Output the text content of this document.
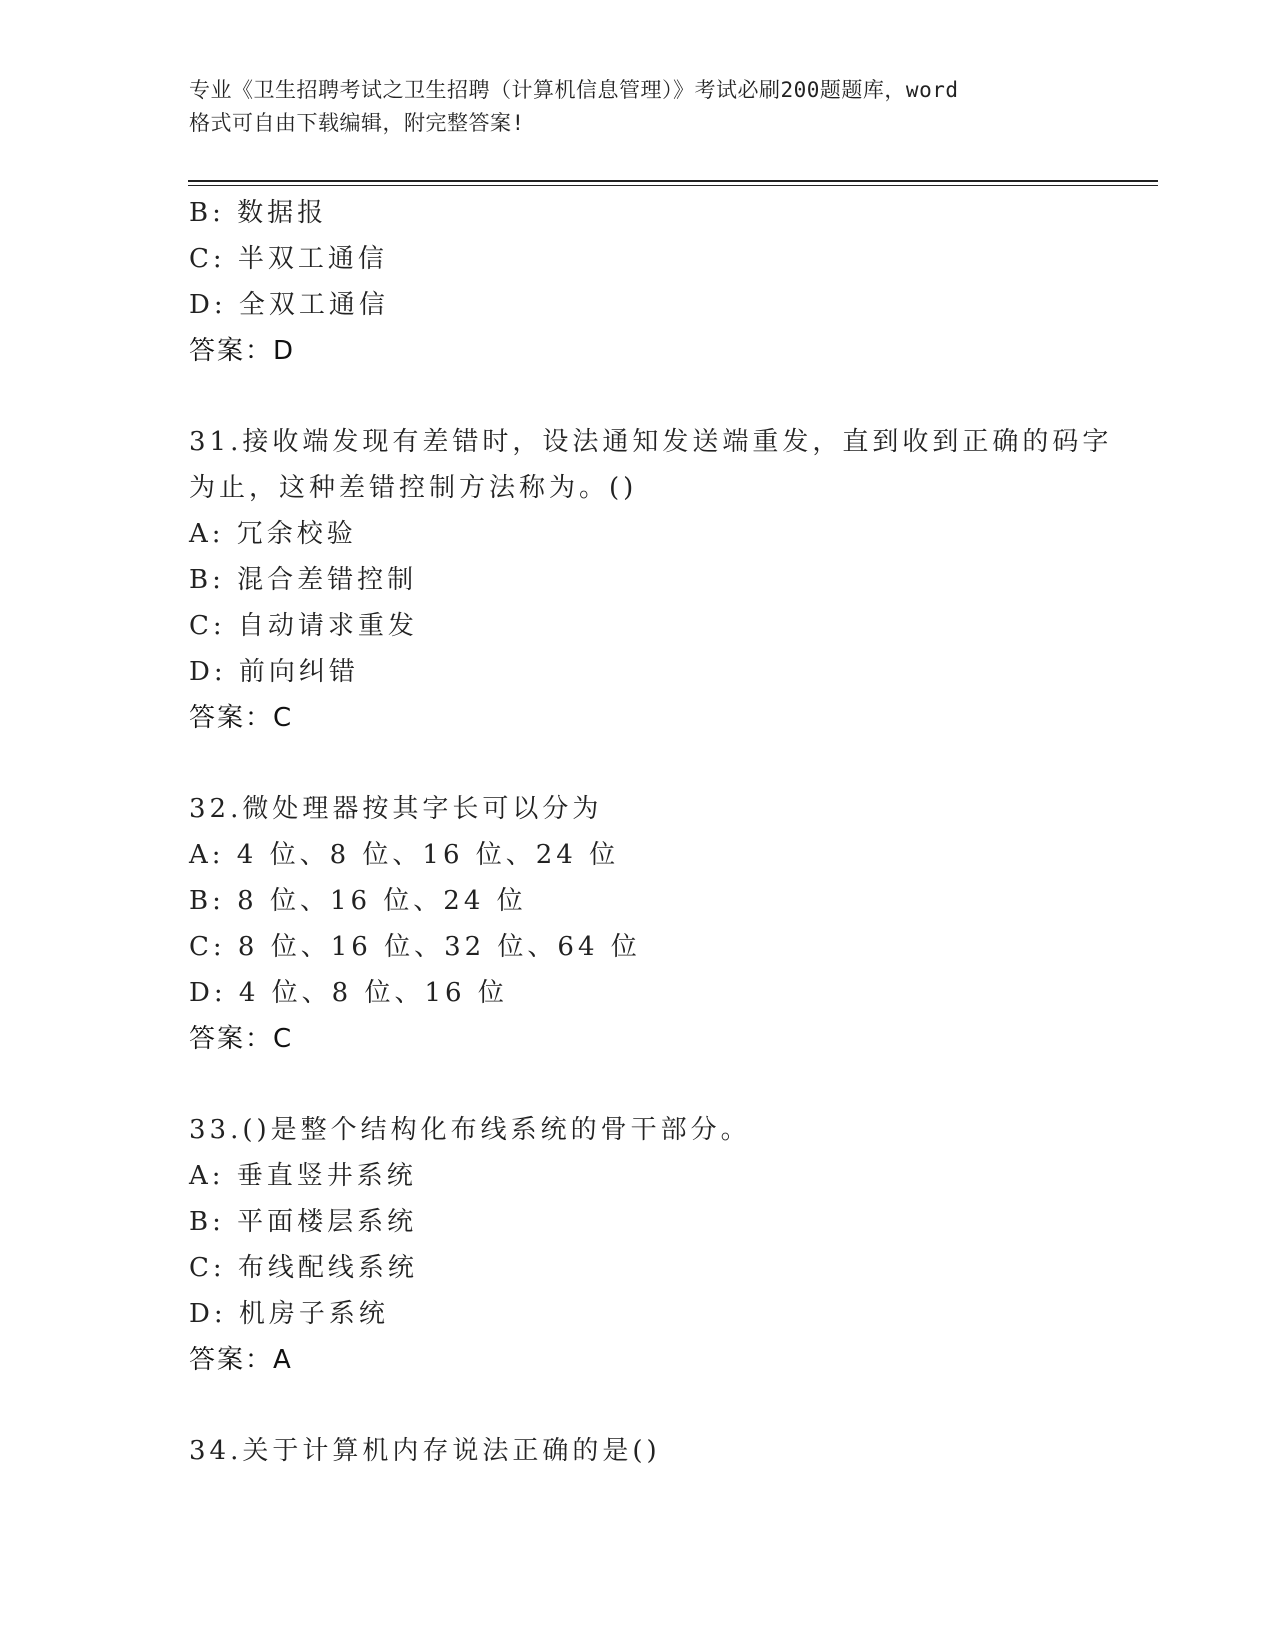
专业《卫生招聘考试之卫生招聘（计算机信息管理）》考试必刷200题题库，word
格式可自由下载编辑，附完整答案!
B: 数据报
C: 半双工通信
D: 全双工通信
答案：D
31.接收端发现有差错时，设法通知发送端重发，直到收到正确的码字
为止，这种差错控制方法称为。()
A: 冗余校验
B: 混合差错控制
C: 自动请求重发
D: 前向纠错
答案：C
32.微处理器按其字长可以分为
A: 4 位、8 位、16 位、24 位
B: 8 位、16 位、24 位
C: 8 位、16 位、32 位、64 位
D: 4 位、8 位、16 位
答案：C
33.()是整个结构化布线系统的骨干部分。
A: 垂直竖井系统
B: 平面楼层系统
C: 布线配线系统
D: 机房子系统
答案：A
34.关于计算机内存说法正确的是()
